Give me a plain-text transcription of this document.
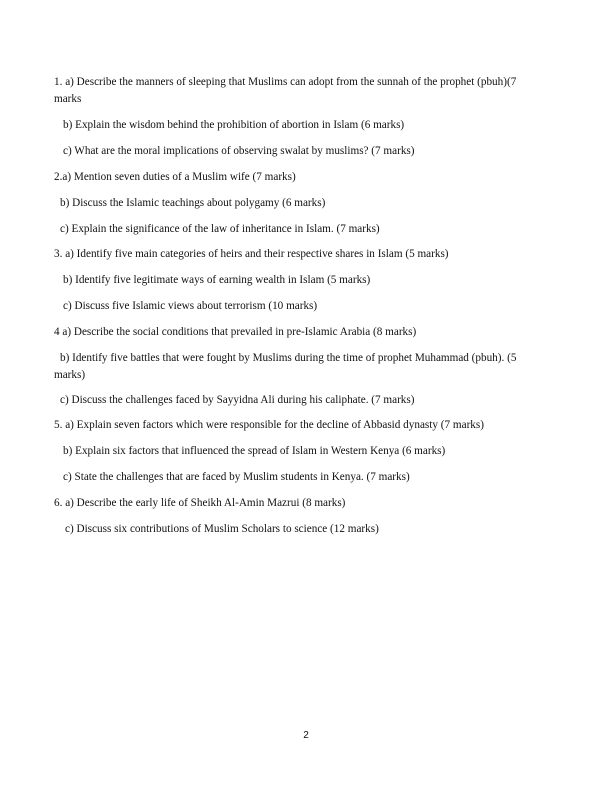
1. a) Describe the manners of sleeping that Muslims can adopt from the sunnah of the prophet (pbuh)(7 marks

b) Explain the wisdom behind the prohibition of abortion in Islam (6 marks)

c) What are the moral implications of observing swalat by muslims? (7 marks)

2.a) Mention seven duties of a Muslim wife (7 marks)

b) Discuss the Islamic teachings about polygamy (6 marks)

c) Explain the significance of the law of inheritance in Islam. (7 marks)

3. a) Identify five main categories of heirs and their respective shares in Islam (5 marks)

b) Identify five legitimate ways of earning wealth in Islam (5 marks)

c) Discuss five Islamic views about terrorism (10 marks)

4 a) Describe the social conditions that prevailed in pre-Islamic Arabia (8 marks)

b) Identify five battles that were fought by Muslims during the time of prophet Muhammad (pbuh). (5 marks)

c) Discuss the challenges faced by Sayyidna Ali during his caliphate. (7 marks)

5. a) Explain seven factors which were responsible for the decline of Abbasid dynasty (7 marks)

b) Explain six factors that influenced the spread of Islam in Western Kenya (6 marks)

c) State the challenges that are faced by Muslim students in Kenya. (7 marks)

6. a) Describe the early life of Sheikh Al-Amin Mazrui (8 marks)

c) Discuss six contributions of Muslim Scholars to science (12 marks)

2
